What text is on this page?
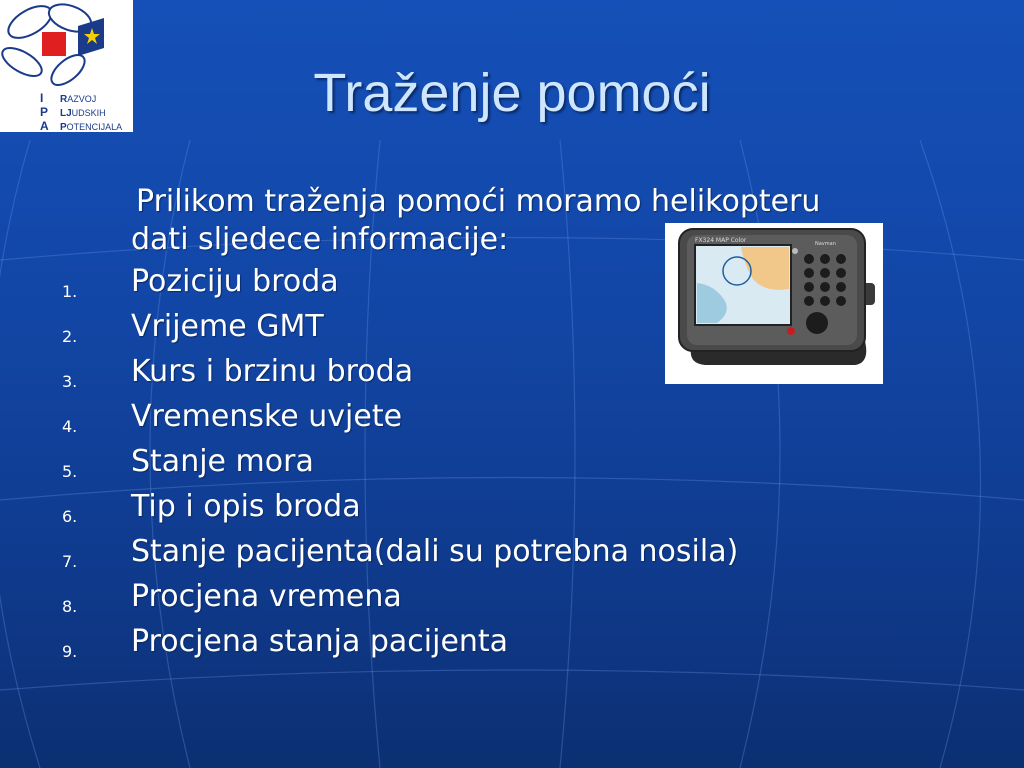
I	R AZVOJ
P	LJ UDSKIH
A	P OTENCIJALA
Traženje pomoći
Prilikom traženja pomoći moramo helikopteru
dati sljedece informacije:	FX324 MAP Color	Navman
1. Poziciju broda
2. Vrijeme GMT
3. Kurs i brzinu broda
4. Vremenske uvjete
5. Stanje mora
6. Tip i opis broda
7. Stanje pacijenta(dali su potrebna nosila)
8. Procjena vremena
9. Procjena stanja pacijenta
